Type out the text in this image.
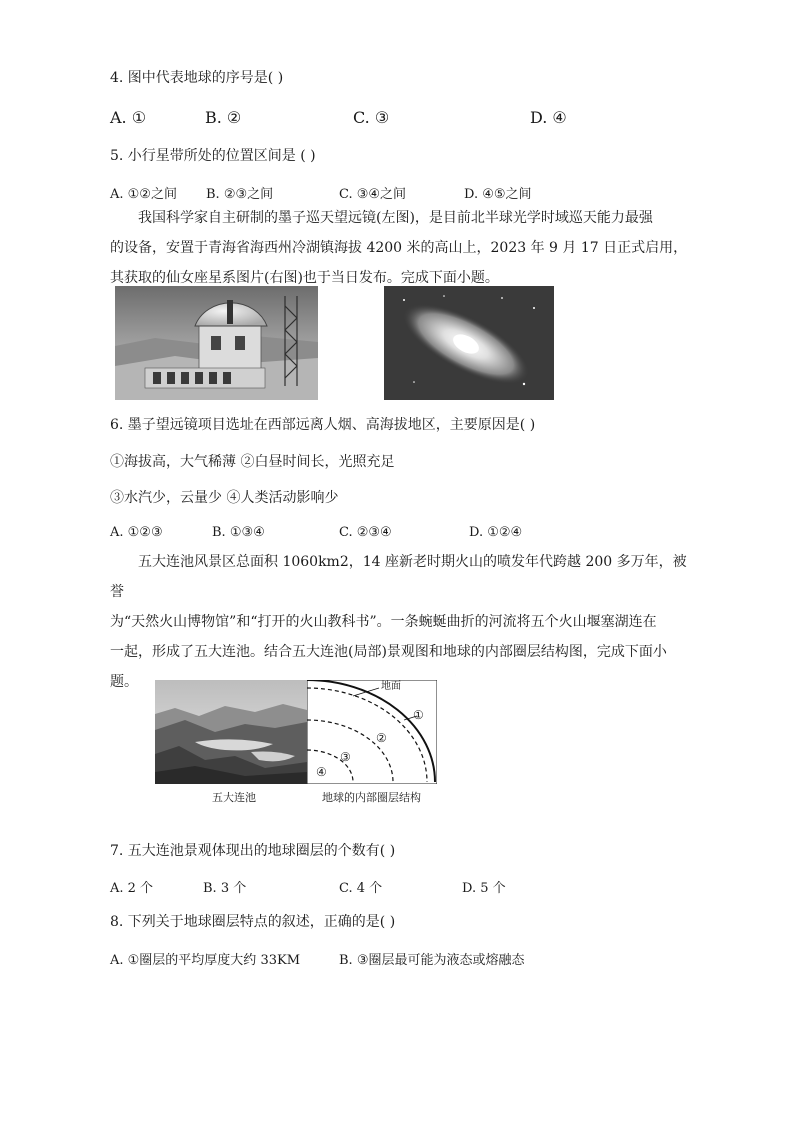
4. 图中代表地球的序号是( )
A. ①	B. ②	C. ③	D. ④
5. 小行星带所处的位置区间是 ( )
A. ①②之间 B. ②③之间	C. ③④之间	D. ④⑤之间

我国科学家自主研制的墨子巡天望远镜(左图)，是目前北半球光学时域巡天能力最强

的设备，安置于青海省海西州冷湖镇海拔 4200 米的高山上，2023 年 9 月 17 日正式启用，

其获取的仙女座星系图片(右图)也于当日发布。完成下面小题。

6. 墨子望远镜项目选址在西部远离人烟、高海拔地区，主要原因是( )
①海拔高，大气稀薄 ②白昼时间长，光照充足
③水汽少，云量少 ④人类活动影响少
A. ①②③	B. ①③④	C. ②③④	D. ①②④

五大连池风景区总面积 1060km2，14 座新老时期火山的喷发年代跨越 200 多万年，被誉

为“天然火山博物馆”和“打开的火山教科书”。一条蜿蜒曲折的河流将五个火山堰塞湖连在

一起，形成了五大连池。结合五大连池(局部)景观图和地球的内部圈层结构图，完成下面小

题。	地面
①
②
③
④
五大连池	地球的内部圈层结构
7. 五大连池景观体现出的地球圈层的个数有( )
A. 2 个	B. 3 个	C. 4 个	D. 5 个
8. 下列关于地球圈层特点的叙述，正确的是( )
A. ①圈层的平均厚度大约 33KM	B. ③圈层最可能为液态或熔融态
